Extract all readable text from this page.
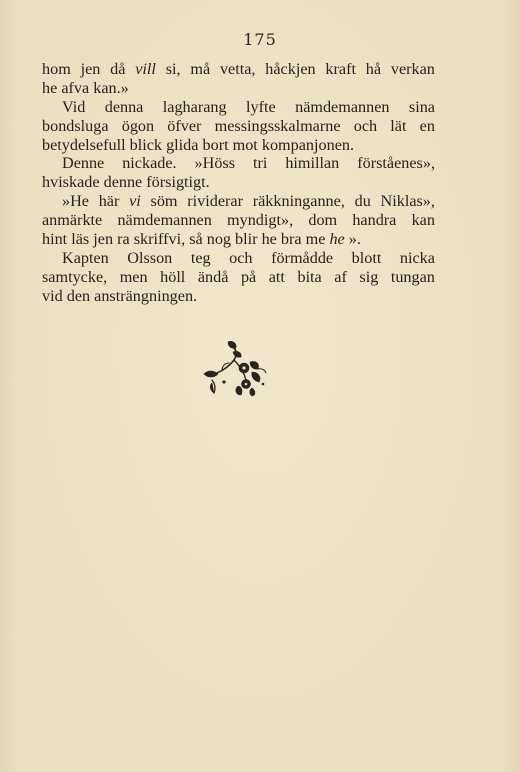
175
hom jen då vill si, må vetta, håckjen kraft hå verkan
he afva kan.»
Vid denna lagharang lyfte nämdemannen sina
bondsluga ögon öfver messingsskalmarne och lät en
betydelsefull blick glida bort mot kompanjonen.
Denne nickade. »Höss tri himillan förståenes»,
hviskade denne försigtigt.
»He här vi söm rividerar räkkninganne, du Niklas»,
anmärkte nämdemannen myndigt», dom handra kan
hint läs jen ra skriffvi, så nog blir he bra me he ».
Kapten Olsson teg och förmådde blott nicka
samtycke, men höll ändå på att bita af sig tungan
vid den ansträngningen.
